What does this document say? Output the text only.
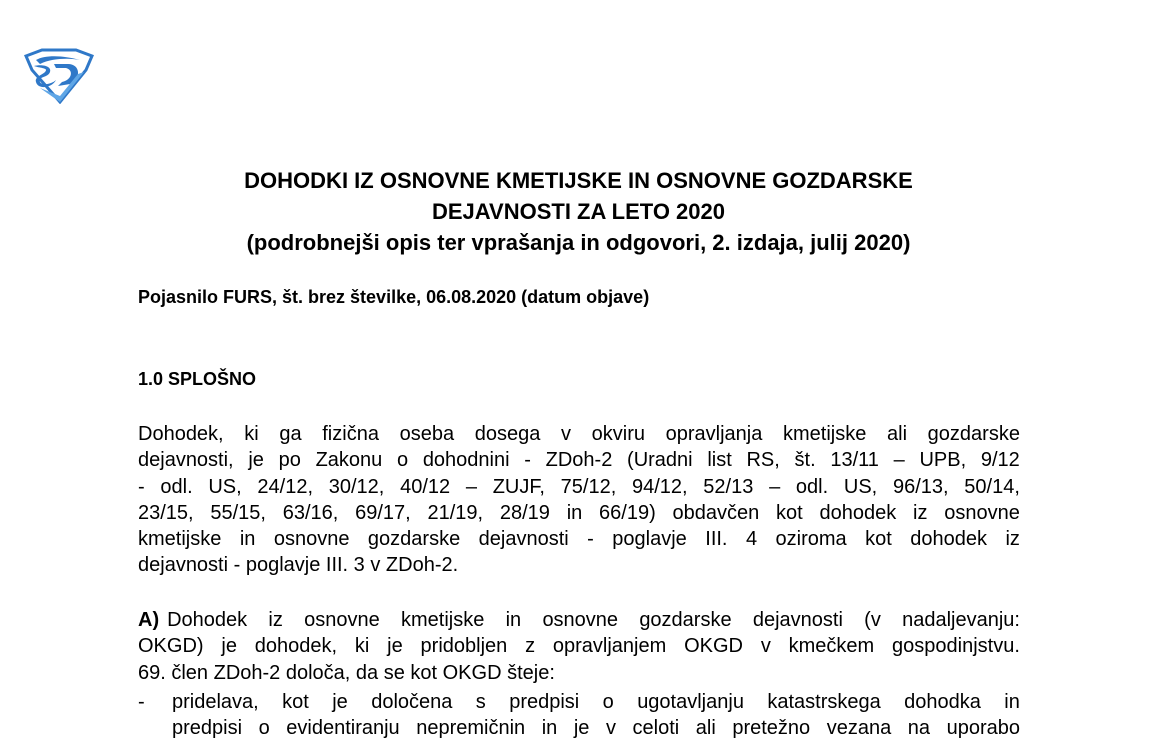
DOHODKI IZ OSNOVNE KMETIJSKE IN OSNOVNE GOZDARSKE
DEJAVNOSTI ZA LETO 2020
(podrobnejši opis ter vprašanja in odgovori, 2. izdaja, julij 2020)
Pojasnilo FURS, št. brez številke, 06.08.2020 (datum objave)
1.0 SPLOŠNO
Dohodek, ki ga fizična oseba dosega v okviru opravljanja kmetijske ali gozdarske
dejavnosti, je po Zakonu o dohodnini - ZDoh-2 (Uradni list RS, št. 13/11 – UPB, 9/12
- odl. US, 24/12, 30/12, 40/12 – ZUJF, 75/12, 94/12, 52/13 – odl. US, 96/13, 50/14,
23/15, 55/15, 63/16, 69/17, 21/19, 28/19 in 66/19) obdavčen kot dohodek iz osnovne
kmetijske in osnovne gozdarske dejavnosti - poglavje III. 4 oziroma kot dohodek iz
dejavnosti - poglavje III. 3 v ZDoh-2.
A) Dohodek iz osnovne kmetijske in osnovne gozdarske dejavnosti (v nadaljevanju:
OKGD) je dohodek, ki je pridobljen z opravljanjem OKGD v kmečkem gospodinjstvu.
69. člen ZDoh-2 določa, da se kot OKGD šteje:
- pridelava, kot je določena s predpisi o ugotavljanju katastrskega dohodka in
predpisi o evidentiranju nepremičnin in je v celoti ali pretežno vezana na uporabo
